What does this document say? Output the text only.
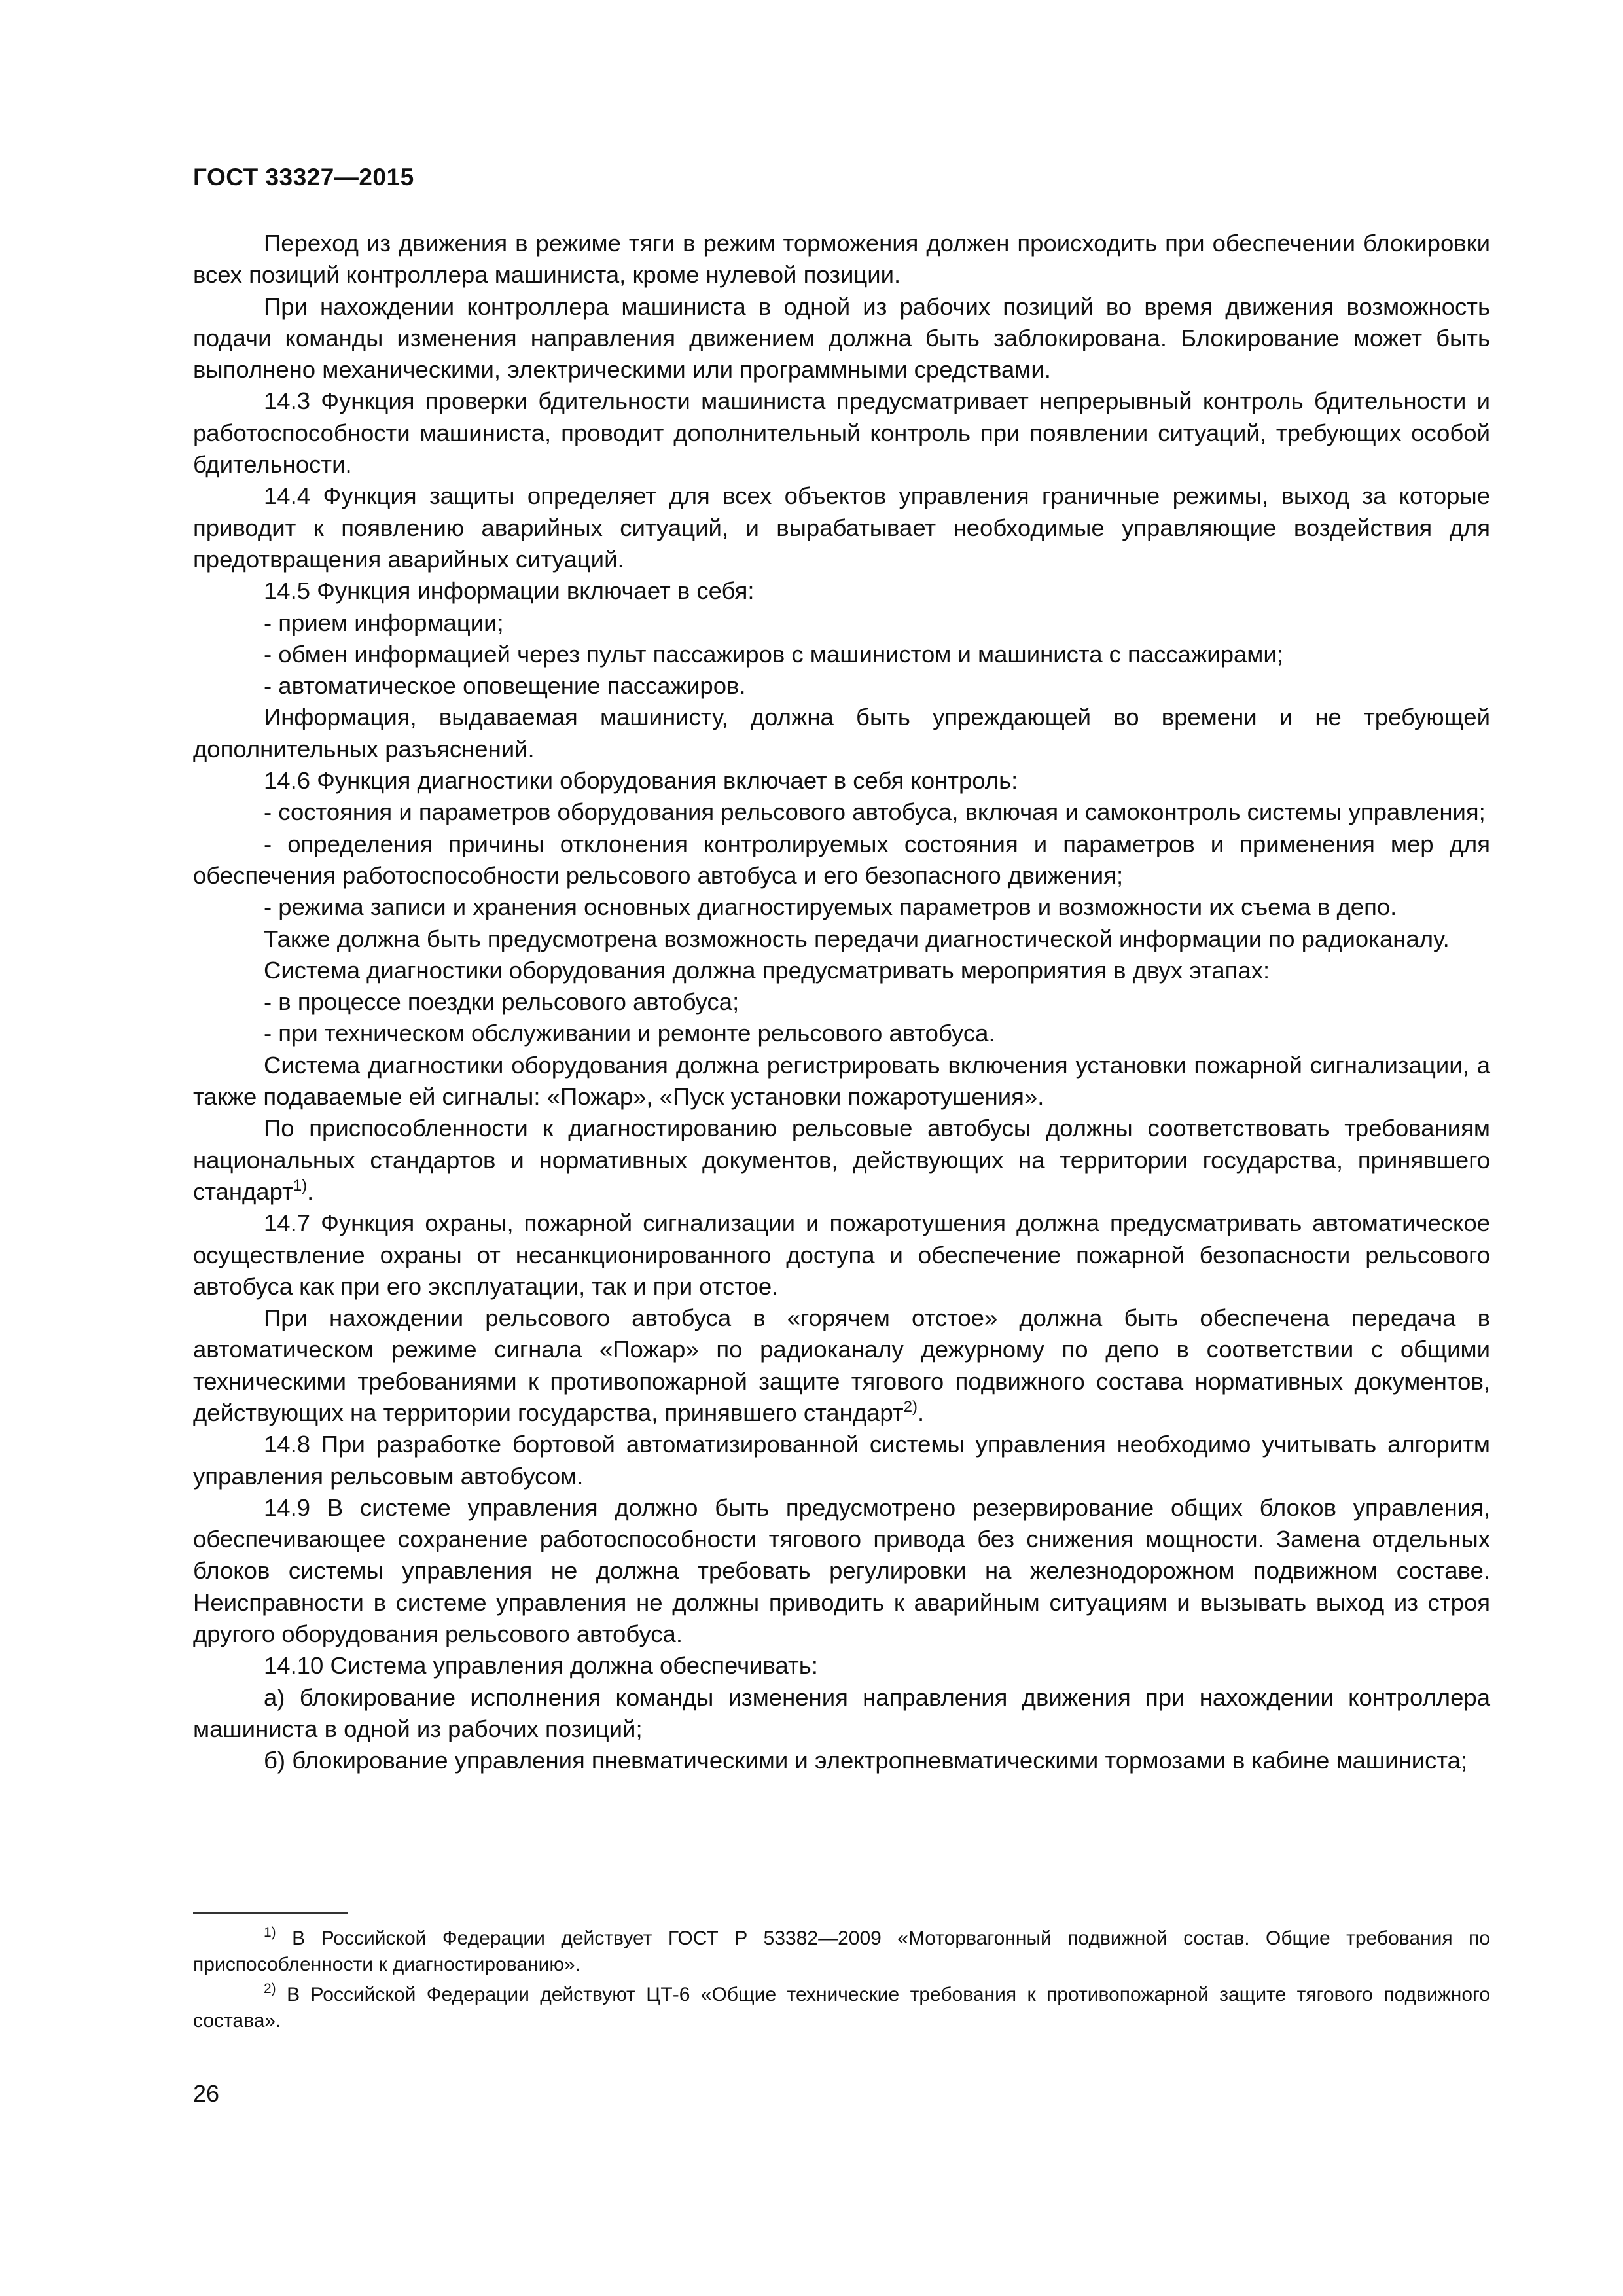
ГОСТ 33327—2015

Переход из движения в режиме тяги в режим торможения должен происходить при обеспечении блокировки всех позиций контроллера машиниста, кроме нулевой позиции.

При нахождении контроллера машиниста в одной из рабочих позиций во время движения возможность подачи команды изменения направления движением должна быть заблокирована. Блокирование может быть выполнено механическими, электрическими или программными средствами.

14.3 Функция проверки бдительности машиниста предусматривает непрерывный контроль бдительности и работоспособности машиниста, проводит дополнительный контроль при появлении ситуаций, требующих особой бдительности.

14.4 Функция защиты определяет для всех объектов управления граничные режимы, выход за которые приводит к появлению аварийных ситуаций, и вырабатывает необходимые управляющие воздействия для предотвращения аварийных ситуаций.

14.5 Функция информации включает в себя:

- прием информации;

- обмен информацией через пульт пассажиров с машинистом и машиниста с пассажирами;

- автоматическое оповещение пассажиров.

Информация, выдаваемая машинисту, должна быть упреждающей во времени и не требующей дополнительных разъяснений.

14.6 Функция диагностики оборудования включает в себя контроль:

- состояния и параметров оборудования рельсового автобуса, включая и самоконтроль системы управления;

- определения причины отклонения контролируемых состояния и параметров и применения мер для обеспечения работоспособности рельсового автобуса и его безопасного движения;

- режима записи и хранения основных диагностируемых параметров и возможности их съема в депо.

Также должна быть предусмотрена возможность передачи диагностической информации по радиоканалу.

Система диагностики оборудования должна предусматривать мероприятия в двух этапах:

- в процессе поездки рельсового автобуса;

- при техническом обслуживании и ремонте рельсового автобуса.

Система диагностики оборудования должна регистрировать включения установки пожарной сигнализации, а также подаваемые ей сигналы: «Пожар», «Пуск установки пожаротушения».

По приспособленности к диагностированию рельсовые автобусы должны соответствовать требованиям национальных стандартов и нормативных документов, действующих на территории государства, принявшего стандарт$^{1)}$.

14.7 Функция охраны, пожарной сигнализации и пожаротушения должна предусматривать автоматическое осуществление охраны от несанкционированного доступа и обеспечение пожарной безопасности рельсового автобуса как при его эксплуатации, так и при отстое.

При нахождении рельсового автобуса в «горячем отстое» должна быть обеспечена передача в автоматическом режиме сигнала «Пожар» по радиоканалу дежурному по депо в соответствии с общими техническими требованиями к противопожарной защите тягового подвижного состава нормативных документов, действующих на территории государства, принявшего стандарт$^{2)}$.

14.8 При разработке бортовой автоматизированной системы управления необходимо учитывать алгоритм управления рельсовым автобусом.

14.9 В системе управления должно быть предусмотрено резервирование общих блоков управления, обеспечивающее сохранение работоспособности тягового привода без снижения мощности. Замена отдельных блоков системы управления не должна требовать регулировки на железнодорожном подвижном составе. Неисправности в системе управления не должны приводить к аварийным ситуациям и вызывать выход из строя другого оборудования рельсового автобуса.

14.10 Система управления должна обеспечивать:

а) блокирование исполнения команды изменения направления движения при нахождении контроллера машиниста в одной из рабочих позиций;

б) блокирование управления пневматическими и электропневматическими тормозами в кабине машиниста;

$^{1)}$ В Российской Федерации действует ГОСТ Р 53382—2009 «Моторвагонный подвижной состав. Общие требования по приспособленности к диагностированию».

$^{2)}$ В Российской Федерации действуют ЦТ-6 «Общие технические требования к противопожарной защите тягового подвижного состава».

26
